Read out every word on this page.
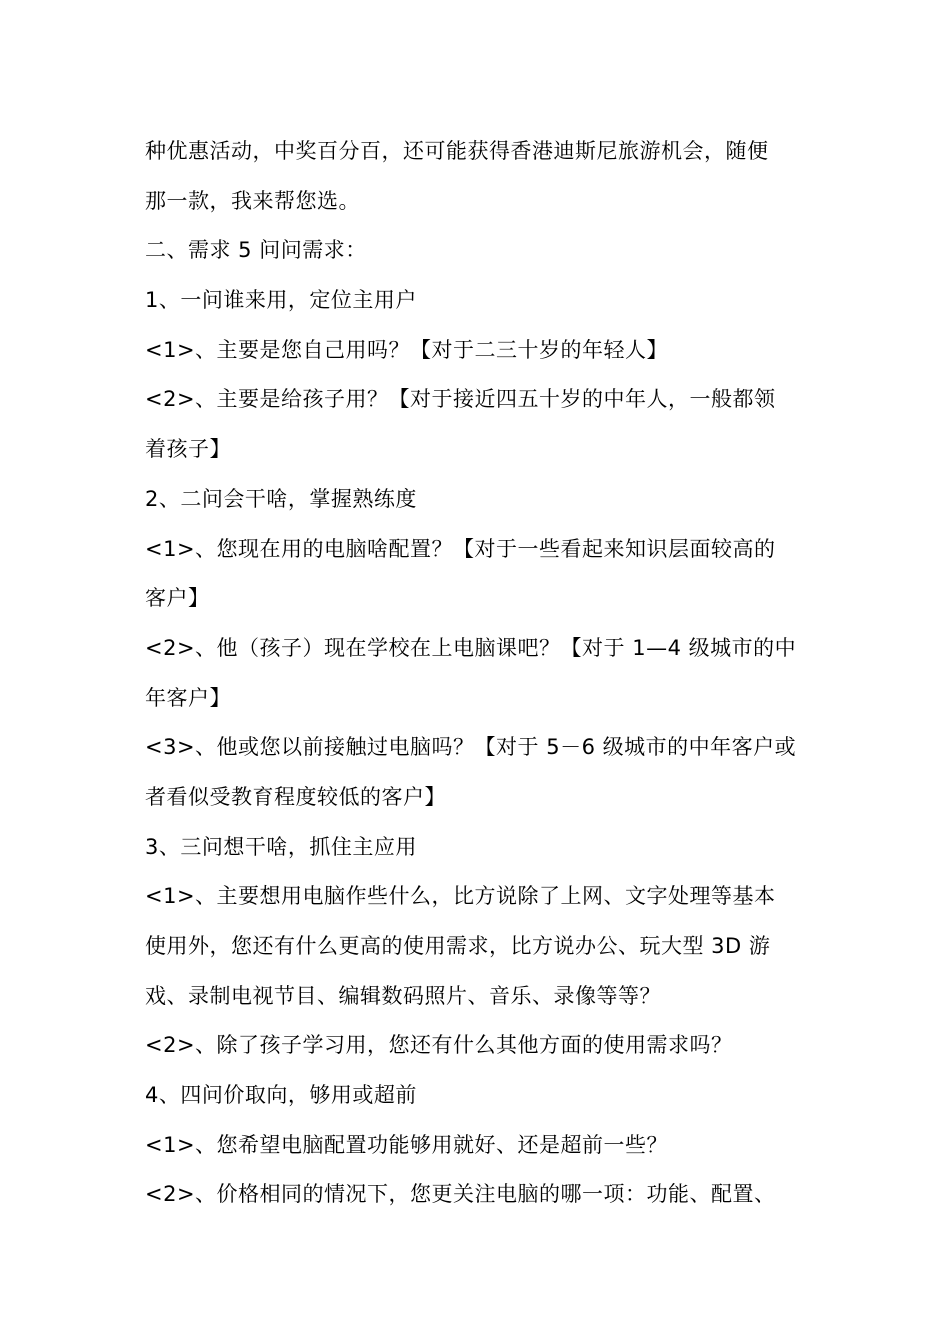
种优惠活动，中奖百分百，还可能获得香港迪斯尼旅游机会，随便
那一款，我来帮您选。
二、需求 5 问问需求：
1、一问谁来用，定位主用户
<1>、主要是您自己用吗？【对于二三十岁的年轻人】
<2>、主要是给孩子用？【对于接近四五十岁的中年人，一般都领
着孩子】
2、二问会干啥，掌握熟练度
<1>、您现在用的电脑啥配置？【对于一些看起来知识层面较高的
客户】
<2>、他（孩子）现在学校在上电脑课吧？【对于 1—4 级城市的中
年客户】
<3>、他或您以前接触过电脑吗？【对于 5－6 级城市的中年客户或
者看似受教育程度较低的客户】
3、三问想干啥，抓住主应用
<1>、主要想用电脑作些什么，比方说除了上网、文字处理等基本
使用外，您还有什么更高的使用需求，比方说办公、玩大型 3D 游
戏、录制电视节目、编辑数码照片、音乐、录像等等？
<2>、除了孩子学习用，您还有什么其他方面的使用需求吗？
4、四问价取向，够用或超前
<1>、您希望电脑配置功能够用就好、还是超前一些？
<2>、价格相同的情况下，您更关注电脑的哪一项：功能、配置、
